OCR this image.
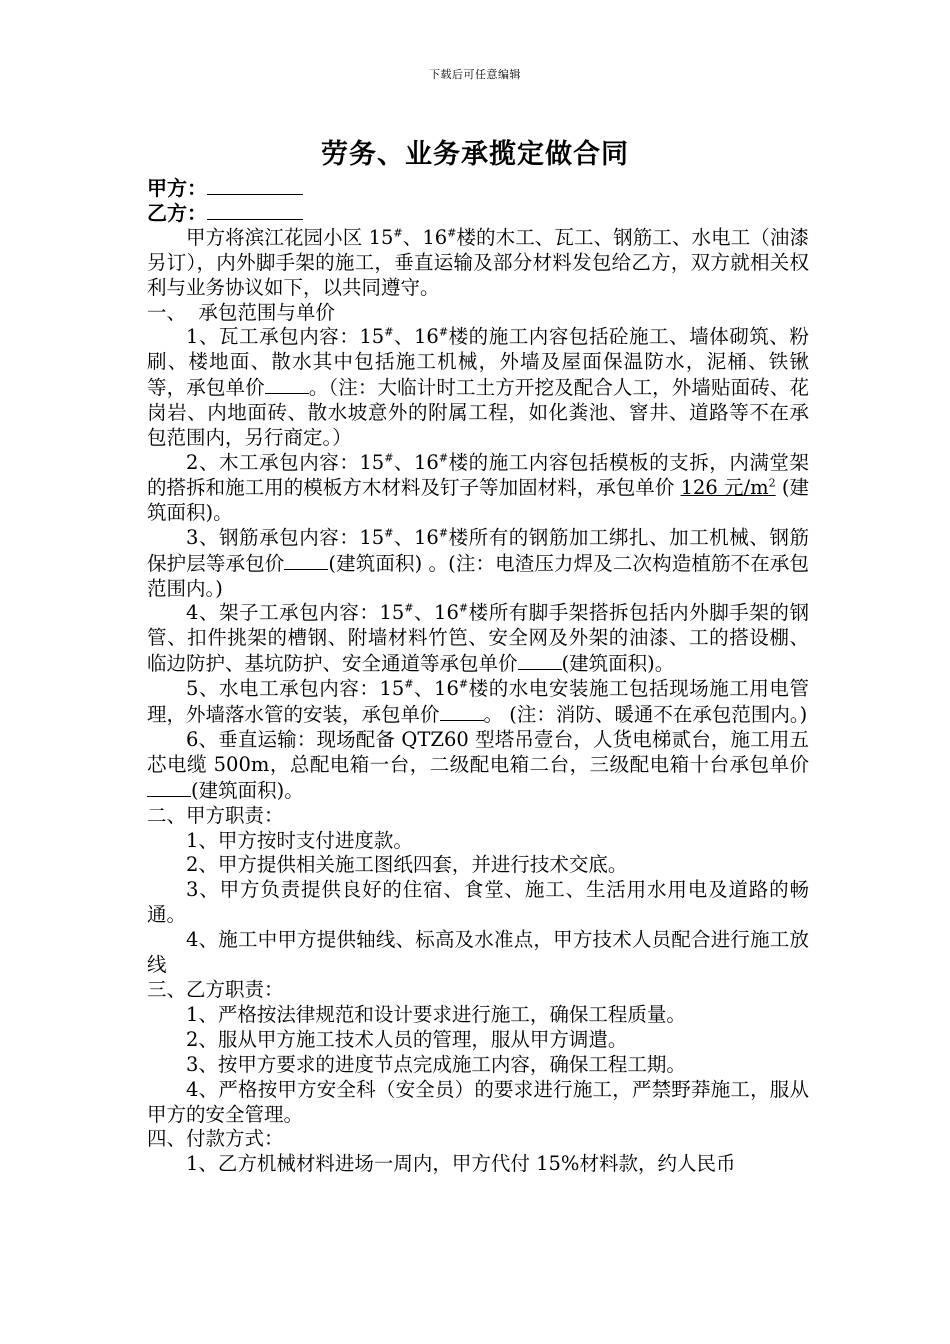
下载后可任意编辑
劳务、业务承揽定做合同
甲方：
乙方：

甲方将滨江花园小区 15#、16#楼的木工、瓦工、钢筋工、水电工（油漆另订），内外脚手架的施工，垂直运输及部分材料发包给乙方，双方就相关权利与业务协议如下，以共同遵守。

一、  承包范围与单价

1、瓦工承包内容：15#、16#楼的施工内容包括砼施工、墙体砌筑、粉刷、楼地面、散水其中包括施工机械，外墙及屋面保温防水，泥桶、铁锹等，承包单价 。（注：大临计时工土方开挖及配合人工，外墙贴面砖、花岗岩、内地面砖、散水坡意外的附属工程，如化粪池、窨井、道路等不在承包范围内，另行商定。）

2、木工承包内容：15#、16#楼的施工内容包括模板的支拆，内满堂架的搭拆和施工用的模板方木材料及钉子等加固材料，承包单价 126 元$/m^2$ (建筑面积)。

3、钢筋承包内容：15#、16#楼所有的钢筋加工绑扎、加工机械、钢筋保护层等承包价 (建筑面积) 。(注：电渣压力焊及二次构造植筋不在承包范围内。)

4、架子工承包内容：15#、16#楼所有脚手架搭拆包括内外脚手架的钢管、扣件挑架的槽钢、附墙材料竹笆、安全网及外架的油漆、工的搭设棚、临边防护、基坑防护、安全通道等承包单价 (建筑面积)。

5、水电工承包内容：15#、16#楼的水电安装施工包括现场施工用电管理，外墙落水管的安装，承包单价 。 (注：消防、暖通不在承包范围内。)

6、垂直运输：现场配备 QTZ60 型塔吊壹台，人货电梯贰台，施工用五芯电缆 500m，总配电箱一台，二级配电箱二台，三级配电箱十台承包单价(建筑面积)。

二、甲方职责：

1、甲方按时支付进度款。

2、甲方提供相关施工图纸四套，并进行技术交底。

3、甲方负责提供良好的住宿、食堂、施工、生活用水用电及道路的畅通。

4、施工中甲方提供轴线、标高及水准点，甲方技术人员配合进行施工放线

三、乙方职责：

1、严格按法律规范和设计要求进行施工，确保工程质量。

2、服从甲方施工技术人员的管理，服从甲方调遣。

3、按甲方要求的进度节点完成施工内容，确保工程工期。

4、严格按甲方安全科（安全员）的要求进行施工，严禁野莽施工，服从甲方的安全管理。

四、付款方式：

1、乙方机械材料进场一周内，甲方代付 15%材料款，约人民币
